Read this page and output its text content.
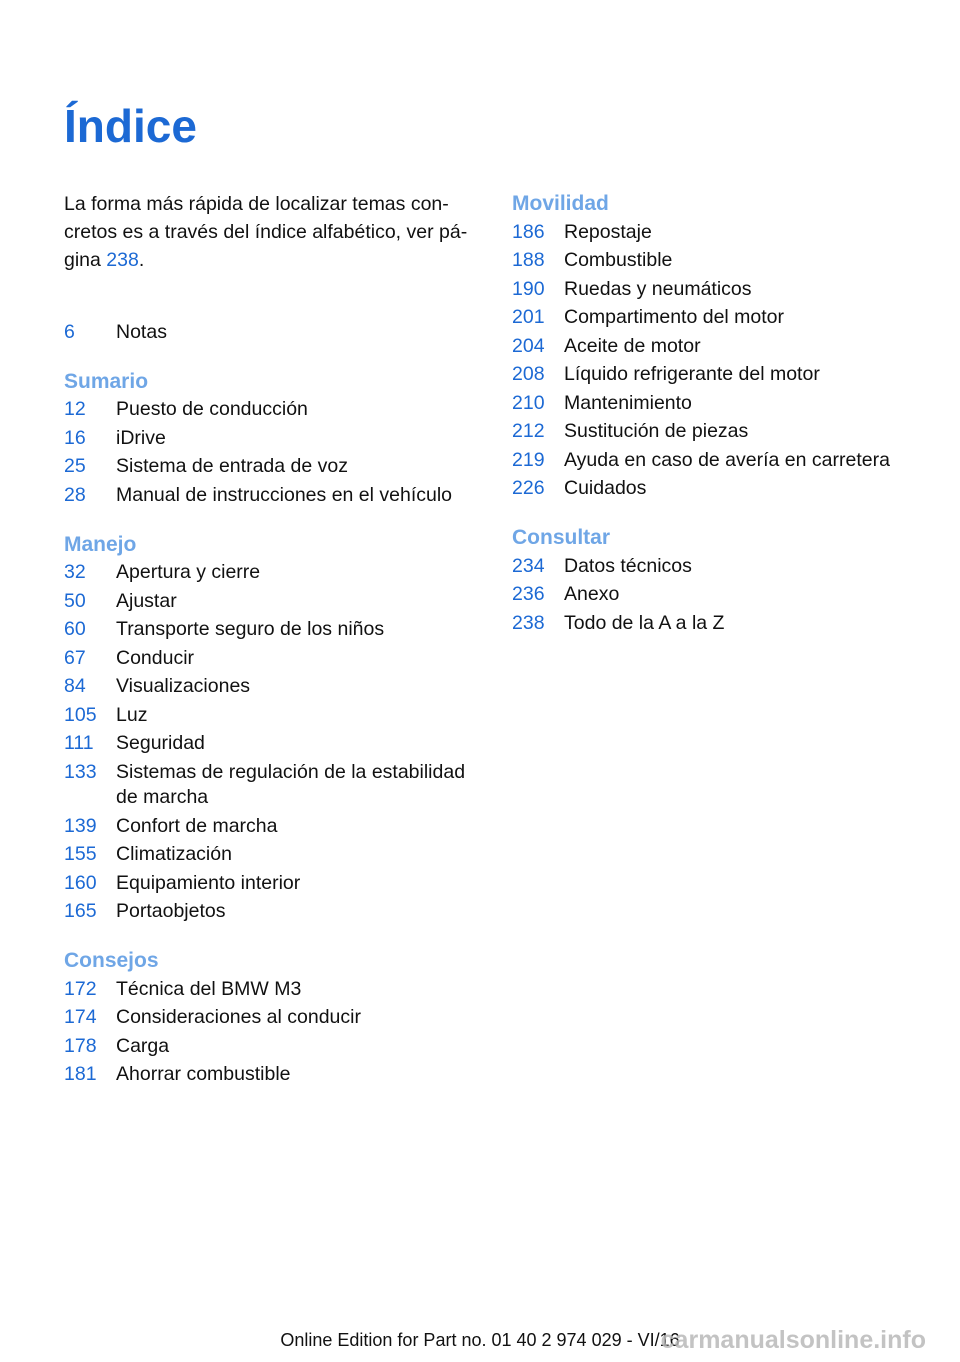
Índice

La forma más rápida de localizar temas concretos es a través del índice alfabético, ver página 238.

6	Notas
Sumario
12	Puesto de conducción
16	iDrive
25	Sistema de entrada de voz
28	Manual de instrucciones en el vehículo
Manejo
32	Apertura y cierre
50	Ajustar
60	Transporte seguro de los niños
67	Conducir
84	Visualizaciones
105 Luz
111	Seguridad
133 Sistemas de regulación de la estabilidad de marcha
139 Confort de marcha
155 Climatización
160 Equipamiento interior
165 Portaobjetos
Consejos
172 Técnica del BMW M3
174 Consideraciones al conducir
178 Carga
181 Ahorrar combustible
Movilidad
186 Repostaje
188 Combustible
190 Ruedas y neumáticos
201 Compartimento del motor
204 Aceite de motor
208 Líquido refrigerante del motor
210 Mantenimiento
212 Sustitución de piezas
219 Ayuda en caso de avería en carretera
226 Cuidados
Consultar
234 Datos técnicos
236 Anexo
238 Todo de la A a la Z
Online Edition for Part no. 01 40 2 974 029 - VI/16
carmanualsonline.info
